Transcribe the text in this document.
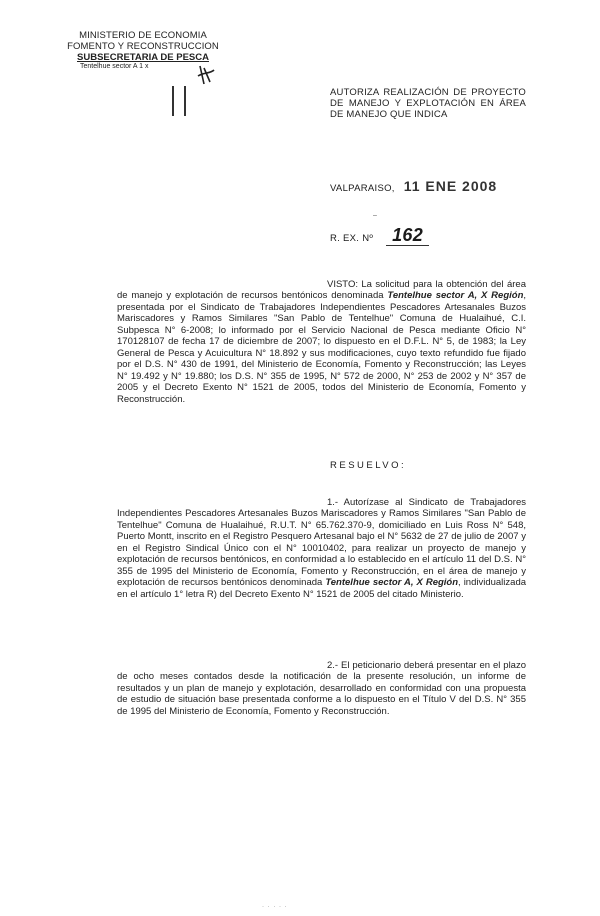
MINISTERIO DE ECONOMIA
FOMENTO Y RECONSTRUCCION
SUBSECRETARIA DE PESCA
Tentelhue sector A 1 x
AUTORIZA REALIZACIÓN DE PROYECTO DE MANEJO Y EXPLOTACIÓN EN ÁREA DE MANEJO QUE INDICA
VALPARAISO, 11 ENE 2008
–
R. EX. Nº 162
VISTO: La solicitud para la obtención del área de manejo y explotación de recursos bentónicos denominada Tentelhue sector A, X Región, presentada por el Sindicato de Trabajadores Independientes Pescadores Artesanales Buzos Mariscadores y Ramos Similares "San Pablo de Tentelhue" Comuna de Hualaihué, C.I. Subpesca N° 6-2008; lo informado por el Servicio Nacional de Pesca mediante Oficio N° 170128107 de fecha 17 de diciembre de 2007; lo dispuesto en el D.F.L. N° 5, de 1983; la Ley General de Pesca y Acuicultura N° 18.892 y sus modificaciones, cuyo texto refundido fue fijado por el D.S. N° 430 de 1991, del Ministerio de Economía, Fomento y Reconstrucción; las Leyes N° 19.492 y N° 19.880; los D.S. N° 355 de 1995, N° 572 de 2000, N° 253 de 2002 y N° 357 de 2005 y el Decreto Exento N° 1521 de 2005, todos del Ministerio de Economía, Fomento y Reconstrucción.
RESUELVO:
1.- Autorízase al Sindicato de Trabajadores Independientes Pescadores Artesanales Buzos Mariscadores y Ramos Similares "San Pablo de Tentelhue" Comuna de Hualaihué, R.U.T. N° 65.762.370-9, domiciliado en Luis Ross N° 548, Puerto Montt, inscrito en el Registro Pesquero Artesanal bajo el N° 5632 de 27 de julio de 2007 y en el Registro Sindical Único con el N° 10010402, para realizar un proyecto de manejo y explotación de recursos bentónicos, en conformidad a lo establecido en el artículo 11 del D.S. N° 355 de 1995 del Ministerio de Economía, Fomento y Reconstrucción, en el área de manejo y explotación de recursos bentónicos denominada Tentelhue sector A, X Región, individualizada en el artículo 1° letra R) del Decreto Exento N° 1521 de 2005 del citado Ministerio.
2.- El peticionario deberá presentar en el plazo de ocho meses contados desde la notificación de la presente resolución, un informe de resultados y un plan de manejo y explotación, desarrollado en conformidad con una propuesta de estudio de situación base presentada conforme a lo dispuesto en el Título V del D.S. N° 355 de 1995 del Ministerio de Economía, Fomento y Reconstrucción.
· · · · ·
